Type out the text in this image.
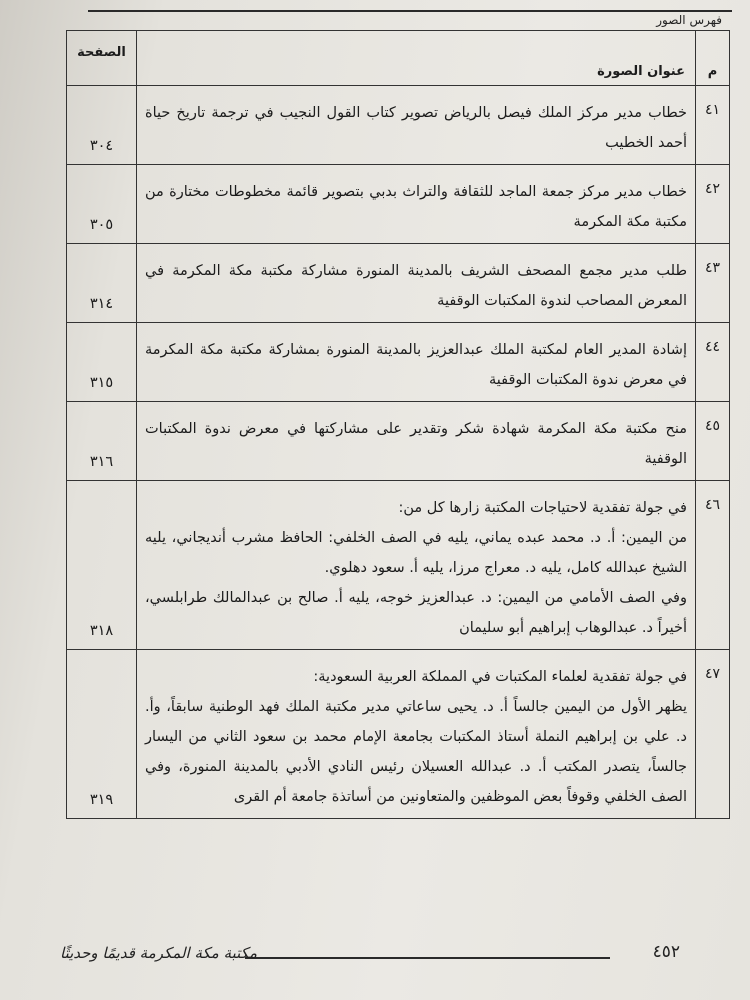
فهرس الصور
م	عنوان الصورة	الصفحة
٤١	خطاب مدير مركز الملك فيصل بالرياض تصوير كتاب القول النجيب في ترجمة تاريخ حياة أحمد الخطيب	٣٠٤
٤٢	خطاب مدير مركز جمعة الماجد للثقافة والتراث بدبي بتصوير قائمة مخطوطات مختارة من مكتبة مكة المكرمة	٣٠٥
٤٣	طلب مدير مجمع المصحف الشريف بالمدينة المنورة مشاركة مكتبة مكة المكرمة في المعرض المصاحب لندوة المكتبات الوقفية	٣١٤
٤٤	إشادة المدير العام لمكتبة الملك عبدالعزيز بالمدينة المنورة بمشاركة مكتبة مكة المكرمة في معرض ندوة المكتبات الوقفية	٣١٥
٤٥	منح مكتبة مكة المكرمة شهادة شكر وتقدير على مشاركتها في معرض ندوة المكتبات الوقفية	٣١٦
٤٦	في جولة تفقدية لاحتياجات المكتبة زارها كل من:

من اليمين: أ. د. محمد عبده يماني، يليه في الصف الخلفي: الحافظ مشرب أنديجاني، يليه الشيخ عبدالله كامل، يليه د. معراج مرزا، يليه أ. سعود دهلوي.

وفي الصف الأمامي من اليمين: د. عبدالعزيز خوجه، يليه أ. صالح بن عبدالمالك طرابلسي، أخيراً د. عبدالوهاب إبراهيم أبو سليمان	٣١٨
٤٧	في جولة تفقدية لعلماء المكتبات في المملكة العربية السعودية:

يظهر الأول من اليمين جالساً أ. د. يحيى ساعاتي مدير مكتبة الملك فهد الوطنية سابقاً، وأ. د. علي بن إبراهيم النملة أستاذ المكتبات بجامعة الإمام محمد بن سعود الثاني من اليسار جالساً، يتصدر المكتب أ. د. عبدالله العسيلان رئيس النادي الأدبي بالمدينة المنورة، وفي الصف الخلفي وقوفاً بعض الموظفين والمتعاونين من أساتذة جامعة أم القرى	٣١٩
٤٥٢
مكتبة مكة المكرمة قديمًا وحديثًا
